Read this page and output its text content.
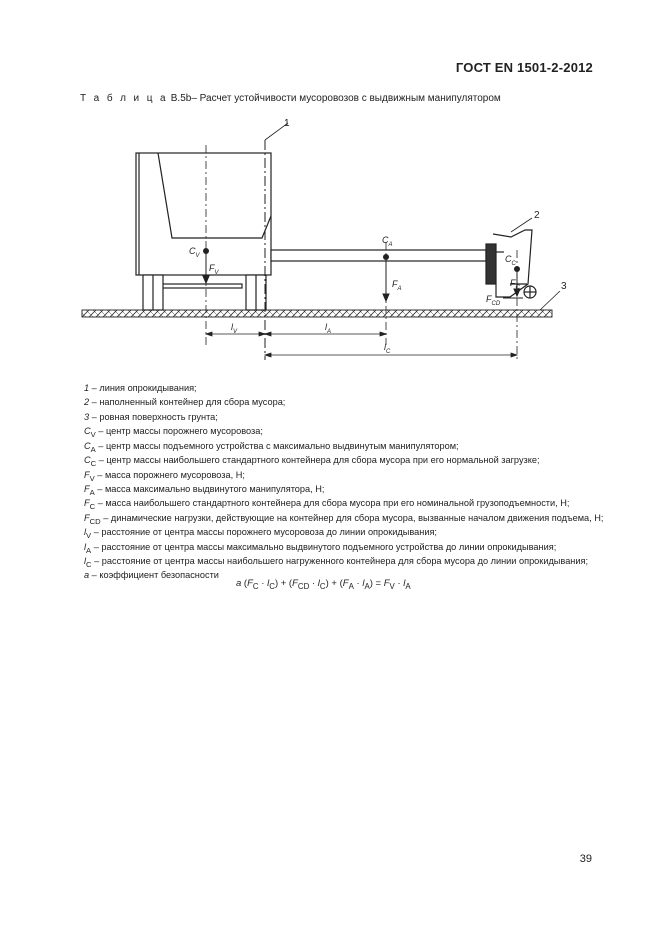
ГОСТ EN 1501-2-2012
Т а б л и ц а B.5b– Расчет устойчивости мусоровозов с выдвижным манипулятором
1
$C_V$
$F_V$
$C_A$
$F_A$
$C_C$
$F_C$
$F_{CD}$
2
3
$l_V$	$l_A$
$l_C$
1 – линия опрокидывания;
2 – наполненный контейнер для сбора мусора;
3 – ровная поверхность грунта;
$C_V$ – центр массы порожнего мусоровоза;
$C_A$ – центр массы подъемного устройства с максимально выдвинутым манипулятором;
$C_C$ – центр массы наибольшего стандартного контейнера для сбора мусора при его нормальной загрузке;
$F_V$ – масса порожнего мусоровоза, Н;
$F_A$ – масса максимально выдвинутого манипулятора, Н;
$F_C$ – масса наибольшего стандартного контейнера для сбора мусора при его номинальной грузоподъемности, Н;
$F_{CD}$ – динамические нагрузки, действующие на контейнер для сбора мусора, вызванные началом движения подъема, Н;
$l_V$ – расстояние от центра массы порожнего мусоровоза до линии опрокидывания;
$l_A$ – расстояние от центра массы максимально выдвинутого подъемного устройства до линии опрокидывания;
$l_C$ – расстояние от центра массы наибольшего нагруженного контейнера для сбора мусора до линии опрокидывания;
a – коэффициент безопасности
a $(F_C \cdot l_C) + (F_{CD} \cdot l_C) + (F_A \cdot l_A) = F_V \cdot l_A$
39
